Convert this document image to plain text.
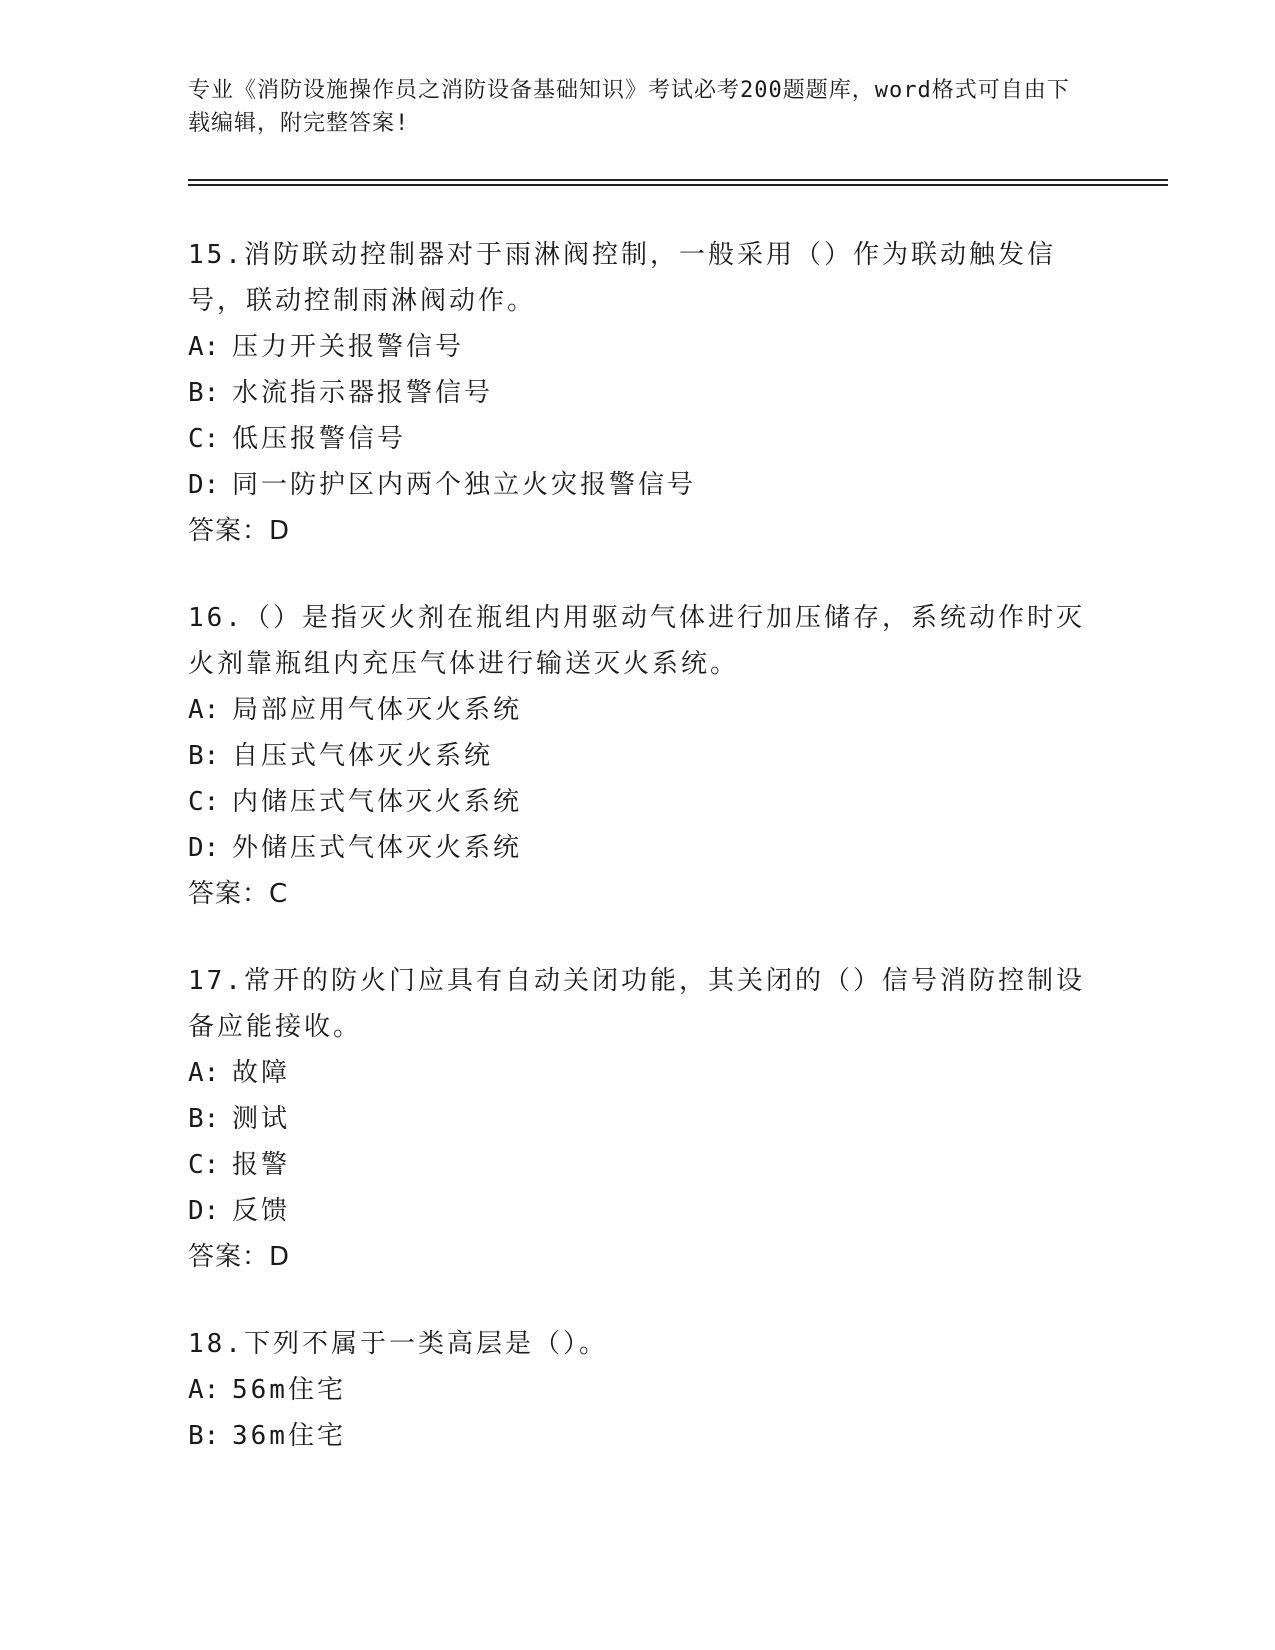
专业《消防设施操作员之消防设备基础知识》考试必考200题题库，word格式可自由下载编辑，附完整答案!

15.消防联动控制器对于雨淋阀控制，一般采用（）作为联动触发信号，联动控制雨淋阀动作。

A: 压力开关报警信号

B: 水流指示器报警信号

C: 低压报警信号

D: 同一防护区内两个独立火灾报警信号

答案：D

16.（）是指灭火剂在瓶组内用驱动气体进行加压储存，系统动作时灭火剂靠瓶组内充压气体进行输送灭火系统。

A: 局部应用气体灭火系统

B: 自压式气体灭火系统

C: 内储压式气体灭火系统

D: 外储压式气体灭火系统

答案：C

17.常开的防火门应具有自动关闭功能，其关闭的（）信号消防控制设备应能接收。

A: 故障

B: 测试

C: 报警

D: 反馈

答案：D

18.下列不属于一类高层是（）。

A: 56m住宅

B: 36m住宅
